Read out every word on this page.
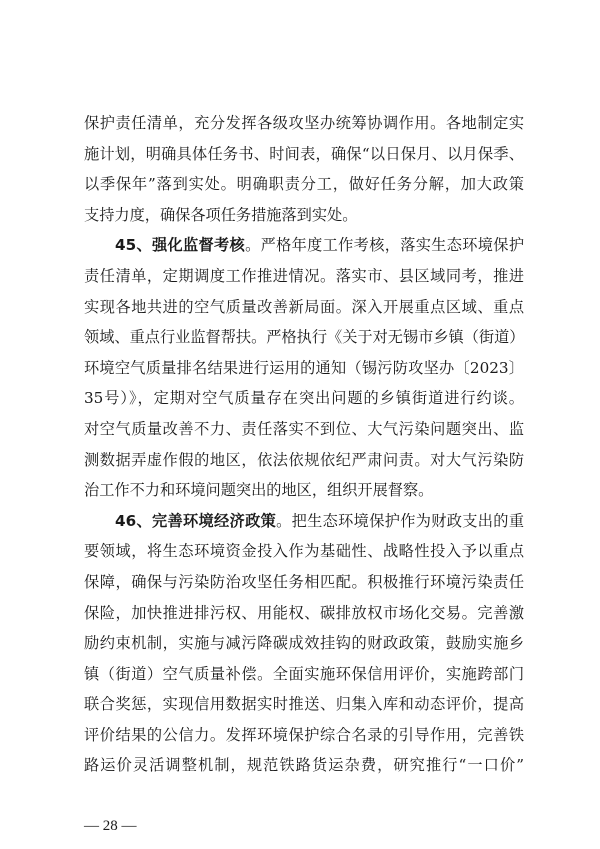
保护责任清单，充分发挥各级攻坚办统筹协调作用。各地制定实
施计划，明确具体任务书、时间表，确保“以日保月、以月保季、
以季保年”落到实处。明确职责分工，做好任务分解，加大政策
支持力度，确保各项任务措施落到实处。
45、强化监督考核。严格年度工作考核，落实生态环境保护
责任清单，定期调度工作推进情况。落实市、县区域同考，推进
实现各地共进的空气质量改善新局面。深入开展重点区域、重点
领域、重点行业监督帮扶。严格执行《关于对无锡市乡镇（街道）
环境空气质量排名结果进行运用的通知（锡污防攻坚办〔2023〕
35号）》，定期对空气质量存在突出问题的乡镇街道进行约谈。
对空气质量改善不力、责任落实不到位、大气污染问题突出、监
测数据弄虚作假的地区，依法依规依纪严肃问责。对大气污染防
治工作不力和环境问题突出的地区，组织开展督察。
46、完善环境经济政策。把生态环境保护作为财政支出的重
要领域，将生态环境资金投入作为基础性、战略性投入予以重点
保障，确保与污染防治攻坚任务相匹配。积极推行环境污染责任
保险，加快推进排污权、用能权、碳排放权市场化交易。完善激
励约束机制，实施与减污降碳成效挂钩的财政政策，鼓励实施乡
镇（街道）空气质量补偿。全面实施环保信用评价，实施跨部门
联合奖惩，实现信用数据实时推送、归集入库和动态评价，提高
评价结果的公信力。发挥环境保护综合名录的引导作用，完善铁
路运价灵活调整机制，规范铁路货运杂费，研究推行“一口价”
— 28 —
